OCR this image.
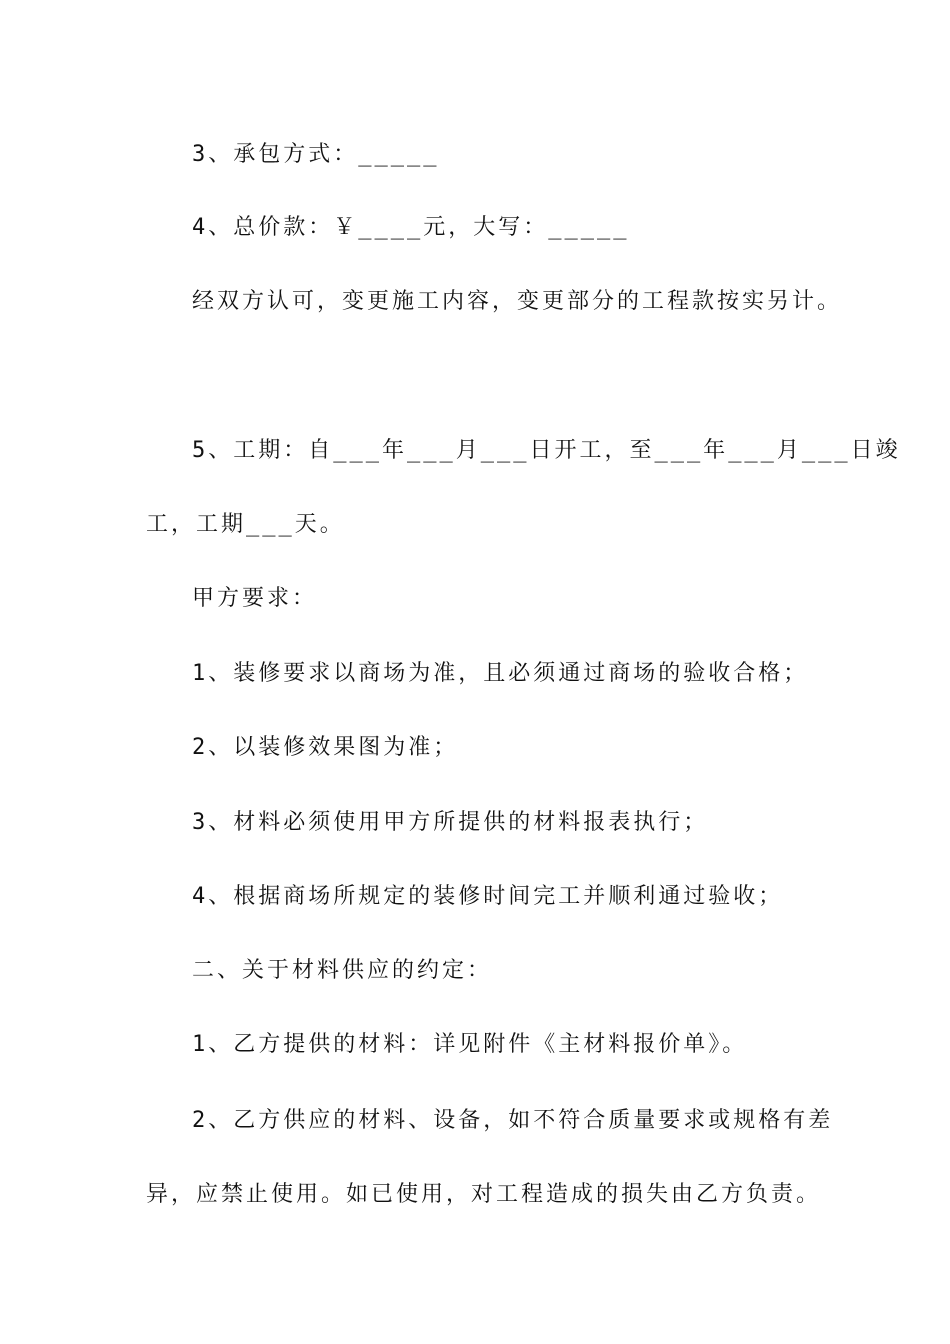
3、承包方式：_____
4、总价款：￥____元，大写：_____
经双方认可，变更施工内容，变更部分的工程款按实另计。
5、工期：自___年___月___日开工，至___年___月___日竣
工，工期___天。
甲方要求：
1、装修要求以商场为准，且必须通过商场的验收合格；
2、以装修效果图为准；
3、材料必须使用甲方所提供的材料报表执行；
4、根据商场所规定的装修时间完工并顺利通过验收；
二、关于材料供应的约定：
1、乙方提供的材料：详见附件《主材料报价单》。
2、乙方供应的材料、设备，如不符合质量要求或规格有差
异，应禁止使用。如已使用，对工程造成的损失由乙方负责。
